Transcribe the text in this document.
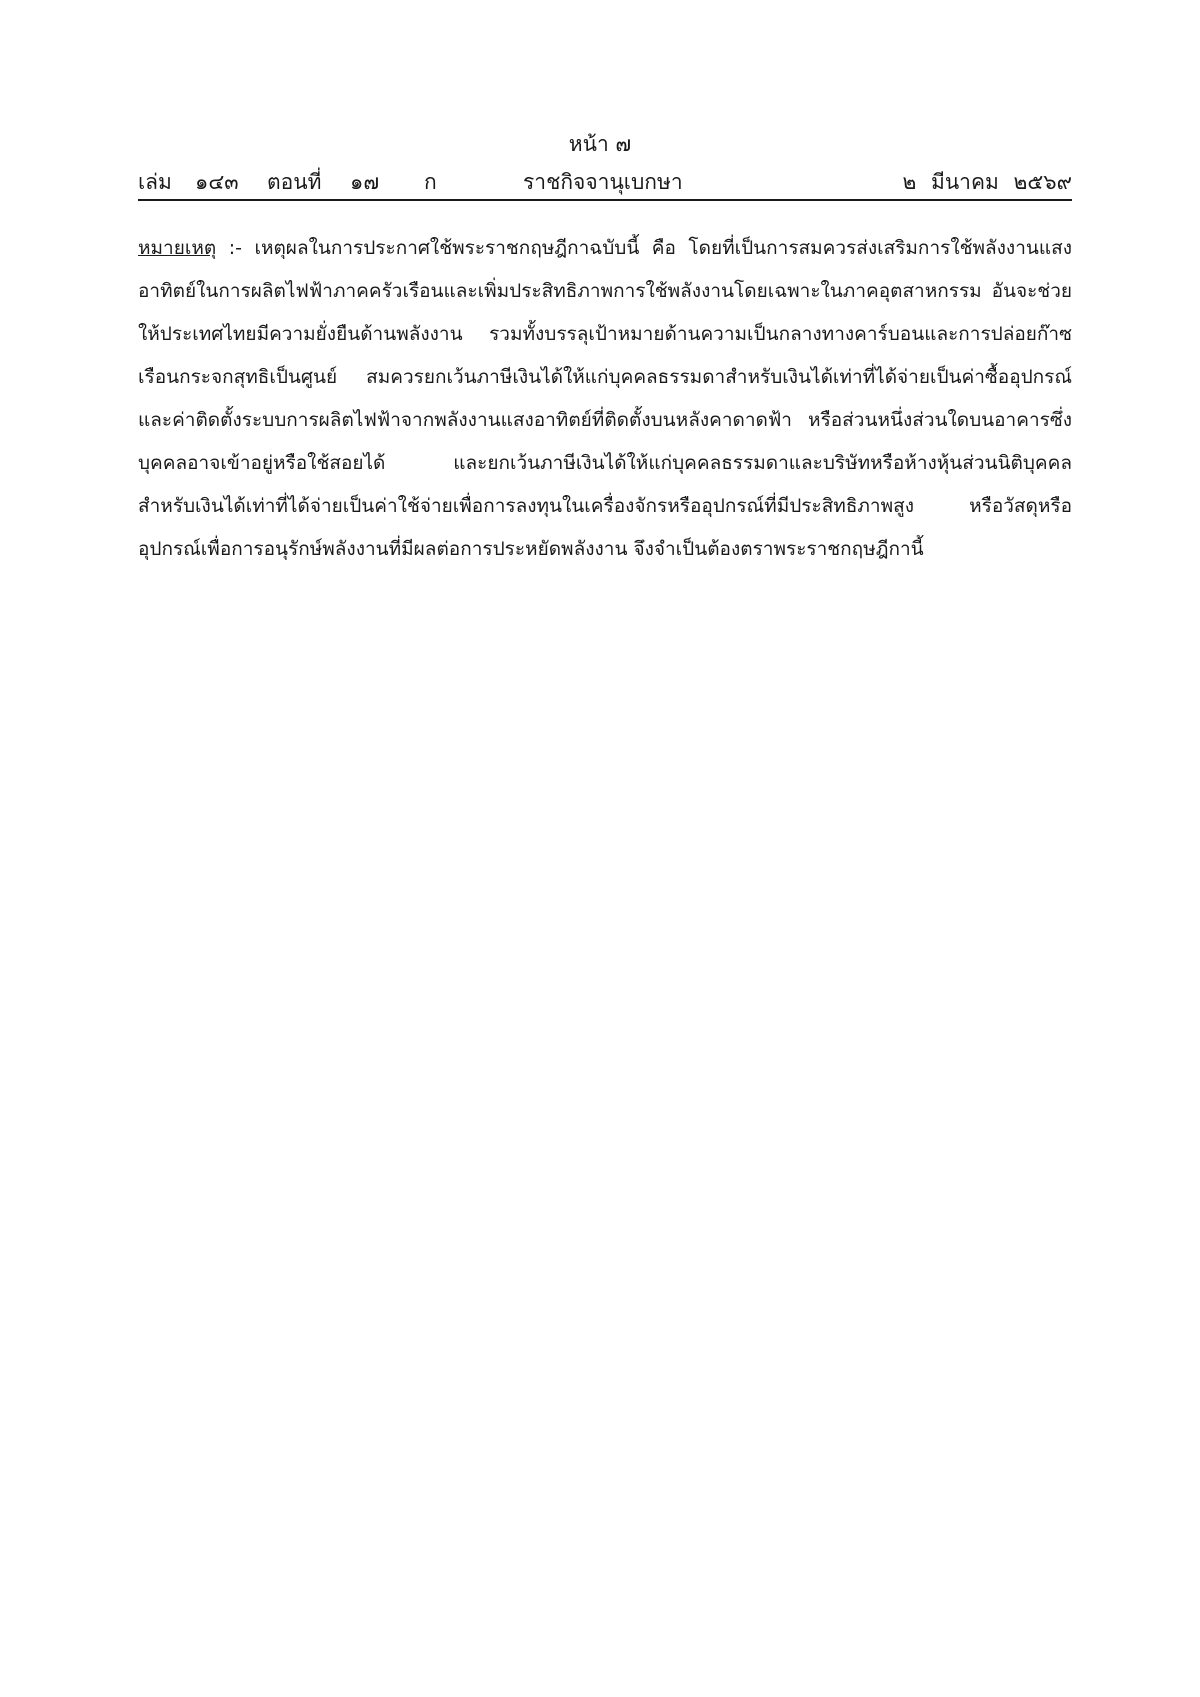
หน้า ๗
เล่ม ๑๔๓ ตอนที่ ๑๗ ก	ราชกิจจานุเบกษา	๒ มีนาคม ๒๕๖๙

หมายเหตุ :- เหตุผลในการประกาศใช้พระราชกฤษฎีกาฉบับนี้ คือ โดยที่เป็นการสมควรส่งเสริมการใช้พลังงานแสงอาทิตย์ในการผลิตไฟฟ้าภาคครัวเรือนและเพิ่มประสิทธิภาพการใช้พลังงานโดยเฉพาะในภาคอุตสาหกรรม อันจะช่วยให้ประเทศไทยมีความยั่งยืนด้านพลังงาน รวมทั้งบรรลุเป้าหมายด้านความเป็นกลางทางคาร์บอนและการปล่อยก๊าซเรือนกระจกสุทธิเป็นศูนย์ สมควรยกเว้นภาษีเงินได้ให้แก่บุคคลธรรมดาสำหรับเงินได้เท่าที่ได้จ่ายเป็นค่าซื้ออุปกรณ์และค่าติดตั้งระบบการผลิตไฟฟ้าจากพลังงานแสงอาทิตย์ที่ติดตั้งบนหลังคาดาดฟ้า หรือส่วนหนึ่งส่วนใดบนอาคารซึ่งบุคคลอาจเข้าอยู่หรือใช้สอยได้ และยกเว้นภาษีเงินได้ให้แก่บุคคลธรรมดาและบริษัทหรือห้างหุ้นส่วนนิติบุคคล สำหรับเงินได้เท่าที่ได้จ่ายเป็นค่าใช้จ่ายเพื่อการลงทุนในเครื่องจักรหรืออุปกรณ์ที่มีประสิทธิภาพสูง หรือวัสดุหรืออุปกรณ์เพื่อการอนุรักษ์พลังงานที่มีผลต่อการประหยัดพลังงาน จึงจำเป็นต้องตราพระราชกฤษฎีกานี้
